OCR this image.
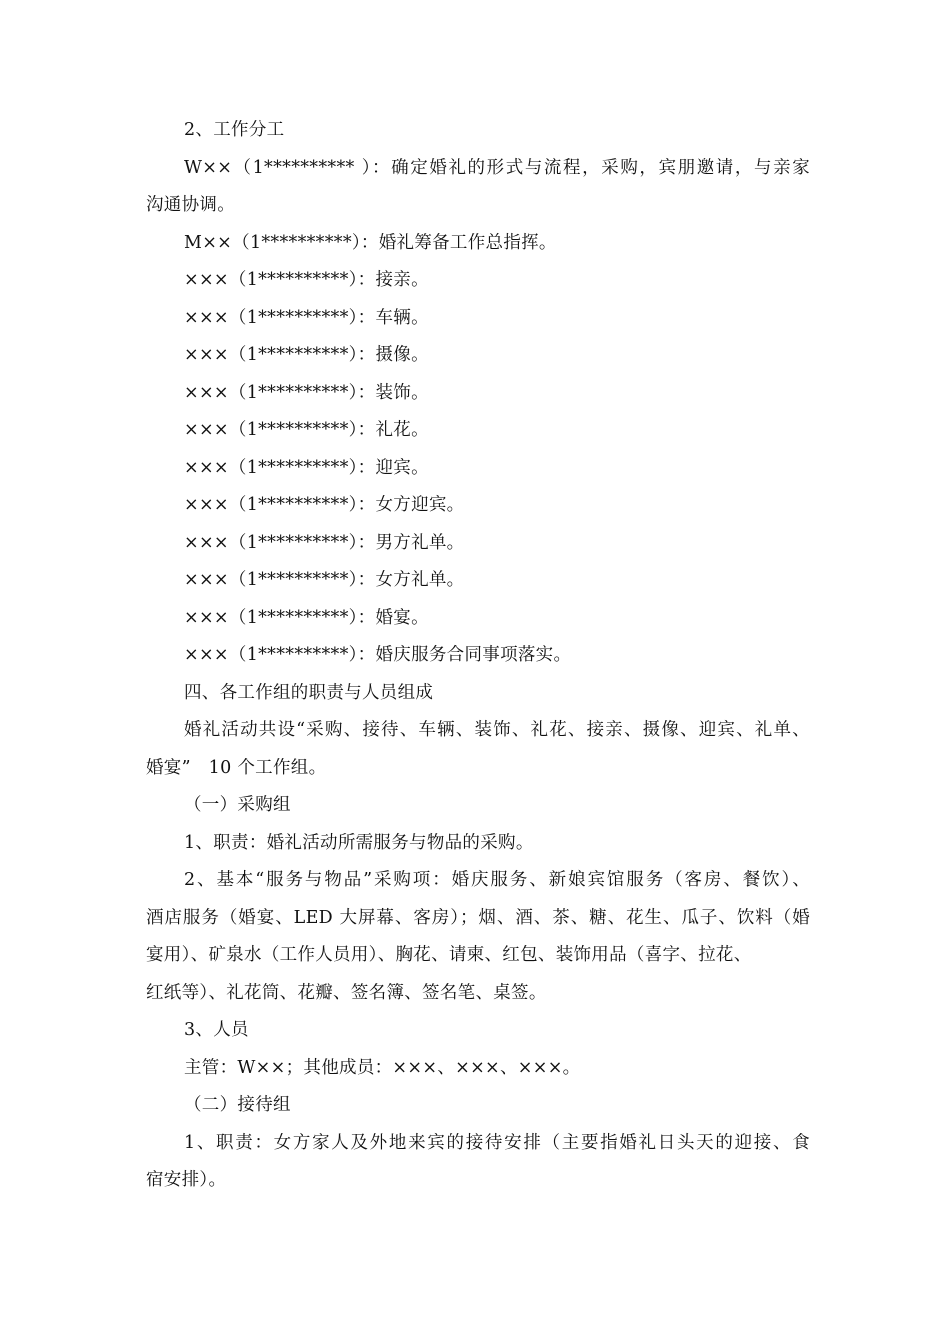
2、工作分工
W××（1********** ）：确定婚礼的形式与流程，采购，宾朋邀请，与亲家
沟通协调。
M××（1**********）：婚礼筹备工作总指挥。
×××（1**********）：接亲。
×××（1**********）：车辆。
×××（1**********）：摄像。
×××（1**********）：装饰。
×××（1**********）：礼花。
×××（1**********）：迎宾。
×××（1**********）：女方迎宾。
×××（1**********）：男方礼单。
×××（1**********）：女方礼单。
×××（1**********）：婚宴。
×××（1**********）：婚庆服务合同事项落实。
四、各工作组的职责与人员组成
婚礼活动共设“采购、接待、车辆、装饰、礼花、接亲、摄像、迎宾、礼单、
婚宴”　10 个工作组。
（一）采购组
1、职责：婚礼活动所需服务与物品的采购。
2、基本“服务与物品”采购项：婚庆服务、新娘宾馆服务（客房、餐饮）、
酒店服务（婚宴、LED 大屏幕、客房）；烟、酒、茶、糖、花生、瓜子、饮料（婚
宴用）、矿泉水（工作人员用）、胸花、请柬、红包、装饰用品（喜字、拉花、
红纸等）、礼花筒、花瓣、签名簿、签名笔、桌签。
3、人员
主管：W××；其他成员：×××、×××、×××。
（二）接待组
1、职责：女方家人及外地来宾的接待安排（主要指婚礼日头天的迎接、食
宿安排）。
